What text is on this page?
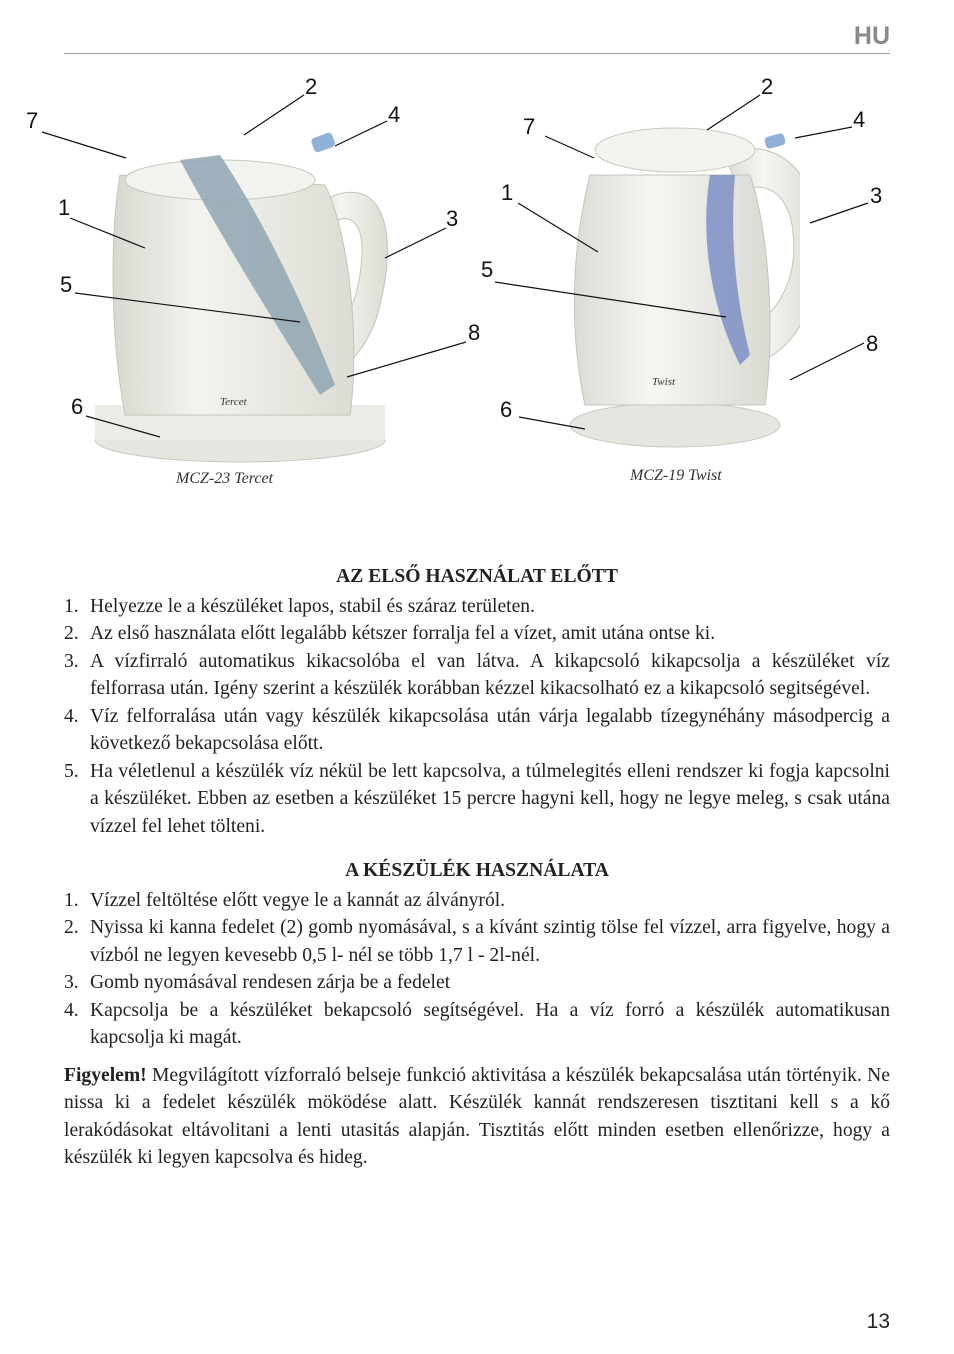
HU
Tercet
Twist
2
4
7
1	3
5
8
6
2
4
7
1	3
5
8
6
MCZ-23 Tercet	MCZ-19 Twist
AZ ELSŐ HASZNÁLAT ELŐTT
1. Helyezze le a készüléket lapos, stabil és száraz területen.
2. Az első használata előtt legalább kétszer forralja fel a vízet, amit utána ontse ki.
3. A vízfirraló automatikus kikacsolóba el van látva. A kikapcsoló kikapcsolja a készüléket víz felforrasa után. Igény szerint a készülék korábban kézzel kikacsolható ez a kikapcsoló segitségével.
4. Víz felforralása után vagy készülék kikapcsolása után várja legalabb tízegynéhány másodpercig a következő bekapcsolása előtt.
5. Ha véletlenul a készülék víz nékül be lett kapcsolva, a túlmelegités elleni rendszer ki fogja kapcsolni a készüléket. Ebben az esetben a készüléket 15 percre hagyni kell, hogy ne legye meleg, s csak utána vízzel fel lehet tölteni.
A KÉSZÜLÉK HASZNÁLATA
1. Vízzel feltöltése előtt vegye le a kannát az álványról.
2. Nyissa ki kanna fedelet (2) gomb nyomásával, s a kívánt szintig tölse fel vízzel, arra figyelve, hogy a vízból ne legyen kevesebb 0,5 l- nél se több 1,7 l - 2l-nél.
3. Gomb nyomásával rendesen zárja be a fedelet
4. Kapcsolja be a készüléket bekapcsoló segítségével. Ha a víz forró a készülék automatikusan kapcsolja ki magát.

Figyelem! Megvilágított vízforraló belseje funkció aktivitása a készülék bekapcsalása után történyik. Ne nissa ki a fedelet készülék möködése alatt. Készülék kannát rendszeresen tisztitani kell s a kő lerakódásokat eltávolitani a lenti utasitás alapján. Tisztitás előtt minden esetben ellenőrizze, hogy a készülék ki legyen kapcsolva és hideg.

13
